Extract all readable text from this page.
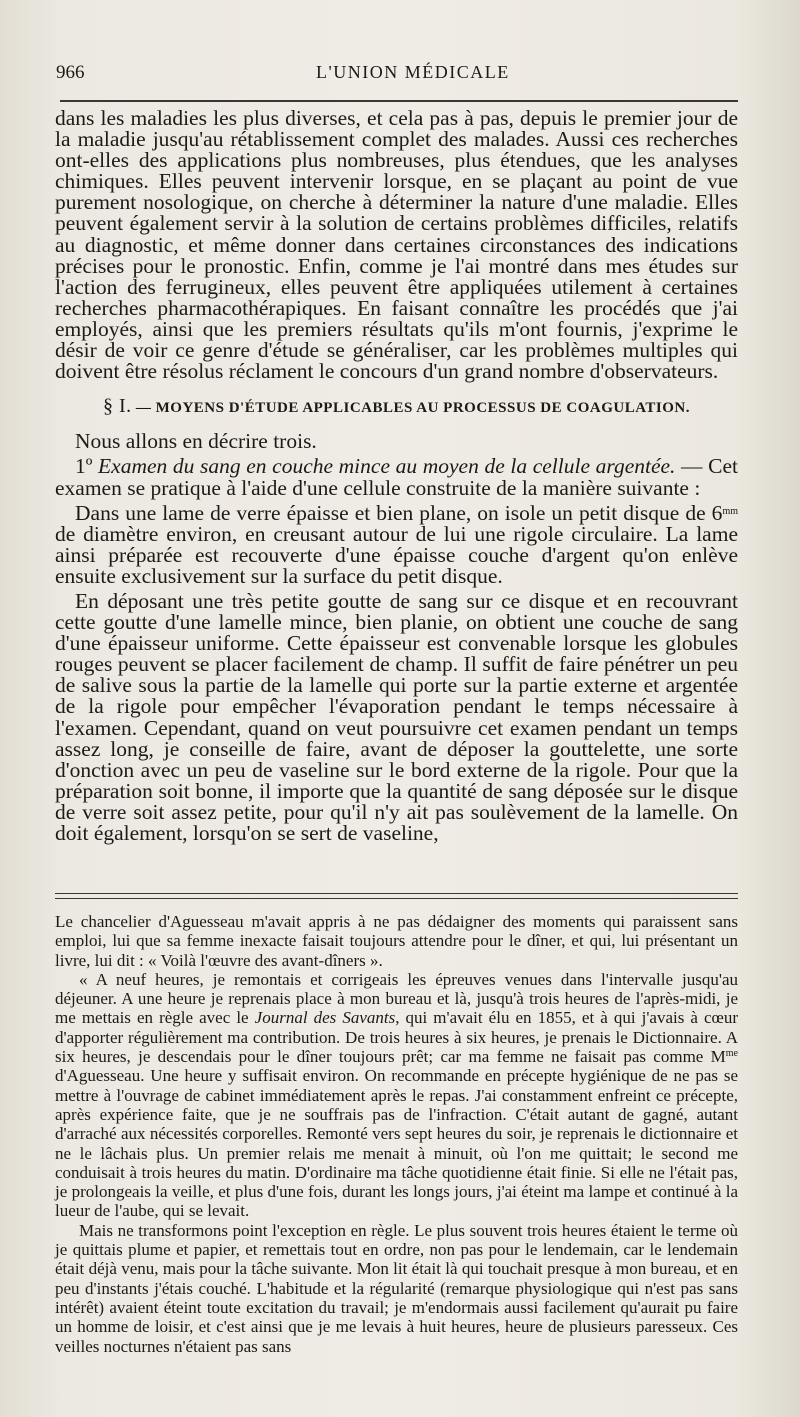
966	L'UNION MÉDICALE

dans les maladies les plus diverses, et cela pas à pas, depuis le premier jour de la maladie jusqu'au rétablissement complet des malades. Aussi ces recherches ont-elles des applications plus nombreuses, plus étendues, que les analyses chimiques. Elles peuvent intervenir lorsque, en se plaçant au point de vue purement nosologique, on cherche à déterminer la nature d'une maladie. Elles peuvent également servir à la solution de certains problèmes difficiles, relatifs au diagnostic, et même donner dans certaines circonstances des indications précises pour le pronostic. Enfin, comme je l'ai montré dans mes études sur l'action des ferrugineux, elles peuvent être appliquées utilement à certaines recherches pharmacothérapiques. En faisant connaître les procédés que j'ai employés, ainsi que les premiers résultats qu'ils m'ont fournis, j'exprime le désir de voir ce genre d'étude se généraliser, car les problèmes multiples qui doivent être résolus réclament le concours d'un grand nombre d'observateurs.

§ I. — MOYENS D'ÉTUDE APPLICABLES AU PROCESSUS DE COAGULATION.

Nous allons en décrire trois.

1º Examen du sang en couche mince au moyen de la cellule argentée. — Cet examen se pratique à l'aide d'une cellule construite de la manière suivante :

Dans une lame de verre épaisse et bien plane, on isole un petit disque de $6^{mm}$ de diamètre environ, en creusant autour de lui une rigole circulaire. La lame ainsi préparée est recouverte d'une épaisse couche d'argent qu'on enlève ensuite exclusivement sur la surface du petit disque.

En déposant une très petite goutte de sang sur ce disque et en recouvrant cette goutte d'une lamelle mince, bien planie, on obtient une couche de sang d'une épaisseur uniforme. Cette épaisseur est convenable lorsque les globules rouges peuvent se placer facilement de champ. Il suffit de faire pénétrer un peu de salive sous la partie de la lamelle qui porte sur la partie externe et argentée de la rigole pour empêcher l'évaporation pendant le temps nécessaire à l'examen. Cependant, quand on veut poursuivre cet examen pendant un temps assez long, je conseille de faire, avant de déposer la gouttelette, une sorte d'onction avec un peu de vaseline sur le bord externe de la rigole. Pour que la préparation soit bonne, il importe que la quantité de sang déposée sur le disque de verre soit assez petite, pour qu'il n'y ait pas soulèvement de la lamelle. On doit également, lorsqu'on se sert de vaseline,

Le chancelier d'Aguesseau m'avait appris à ne pas dédaigner des moments qui paraissent sans emploi, lui que sa femme inexacte faisait toujours attendre pour le dîner, et qui, lui présentant un livre, lui dit : « Voilà l'œuvre des avant-dîners ».

« A neuf heures, je remontais et corrigeais les épreuves venues dans l'intervalle jusqu'au déjeuner. A une heure je reprenais place à mon bureau et là, jusqu'à trois heures de l'après-midi, je me mettais en règle avec le Journal des Savants, qui m'avait élu en 1855, et à qui j'avais à cœur d'apporter régulièrement ma contribution. De trois heures à six heures, je prenais le Dictionnaire. A six heures, je descendais pour le dîner toujours prêt; car ma femme ne faisait pas comme $M^{me}$ d'Aguesseau. Une heure y suffisait environ. On recommande en précepte hygiénique de ne pas se mettre à l'ouvrage de cabinet immédiatement après le repas. J'ai constamment enfreint ce précepte, après expérience faite, que je ne souffrais pas de l'infraction. C'était autant de gagné, autant d'arraché aux nécessités corporelles. Remonté vers sept heures du soir, je reprenais le dictionnaire et ne le lâchais plus. Un premier relais me menait à minuit, où l'on me quittait; le second me conduisait à trois heures du matin. D'ordinaire ma tâche quotidienne était finie. Si elle ne l'était pas, je prolongeais la veille, et plus d'une fois, durant les longs jours, j'ai éteint ma lampe et continué à la lueur de l'aube, qui se levait.

Mais ne transformons point l'exception en règle. Le plus souvent trois heures étaient le terme où je quittais plume et papier, et remettais tout en ordre, non pas pour le lendemain, car le lendemain était déjà venu, mais pour la tâche suivante. Mon lit était là qui touchait presque à mon bureau, et en peu d'instants j'étais couché. L'habitude et la régularité (remarque physiologique qui n'est pas sans intérêt) avaient éteint toute excitation du travail; je m'endormais aussi facilement qu'aurait pu faire un homme de loisir, et c'est ainsi que je me levais à huit heures, heure de plusieurs paresseux. Ces veilles nocturnes n'étaient pas sans
